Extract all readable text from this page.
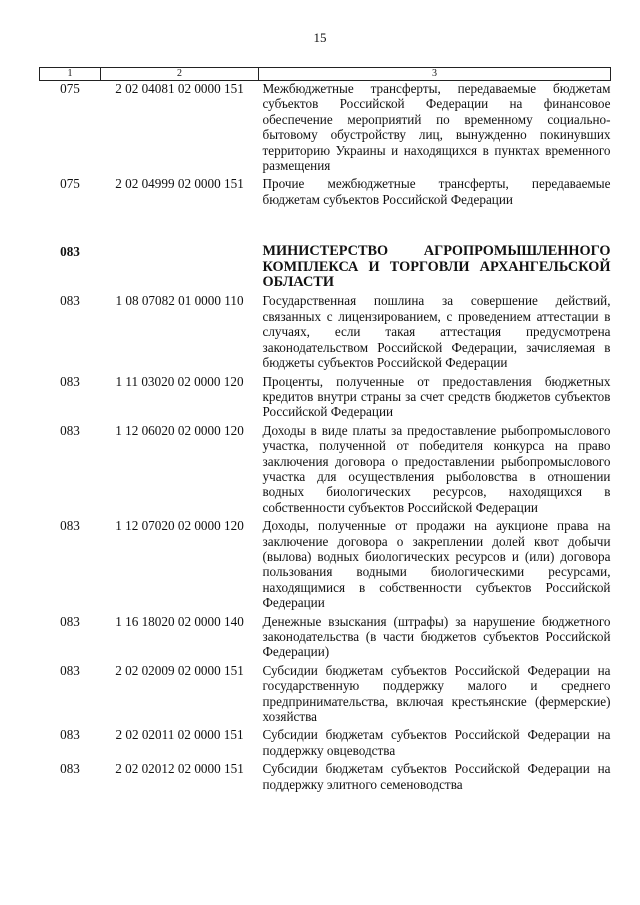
15
1	2	3
075	2 02 04081 02 0000 151	Межбюджетные трансферты, передаваемые бюджетам субъектов Российской Федерации на финансовое обеспечение мероприятий по временному социально-бытовому обустройству лиц, вынужденно покинувших территорию Украины и находящихся в пунктах временного размещения
075	2 02 04999 02 0000 151	Прочие межбюджетные трансферты, передаваемые бюджетам субъектов Российской Федерации

083		МИНИСТЕРСТВО АГРОПРОМЫШЛЕННОГО КОМПЛЕКСА И ТОРГОВЛИ АРХАНГЕЛЬСКОЙ ОБЛАСТИ
083	1 08 07082 01 0000 110	Государственная пошлина за совершение действий, связанных с лицензированием, с проведением аттестации в случаях, если такая аттестация предусмотрена законодательством Российской Федерации, зачисляемая в бюджеты субъектов Российской Федерации
083	1 11 03020 02 0000 120	Проценты, полученные от предоставления бюджетных кредитов внутри страны за счет средств бюджетов субъектов Российской Федерации
083	1 12 06020 02 0000 120	Доходы в виде платы за предоставление рыбопромыслового участка, полученной от победителя конкурса на право заключения договора о предоставлении рыбопромыслового участка для осуществления рыболовства в отношении водных биологических ресурсов, находящихся в собственности субъектов Российской Федерации
083	1 12 07020 02 0000 120	Доходы, полученные от продажи на аукционе права на заключение договора о закреплении долей квот добычи (вылова) водных биологических ресурсов и (или) договора пользования водными биологическими ресурсами, находящимися в собственности субъектов Российской Федерации
083	1 16 18020 02 0000 140	Денежные взыскания (штрафы) за нарушение бюджетного законодательства (в части бюджетов субъектов Российской Федерации)
083	2 02 02009 02 0000 151	Субсидии бюджетам субъектов Российской Федерации на государственную поддержку малого и среднего предпринимательства, включая крестьянские (фермерские) хозяйства
083	2 02 02011 02 0000 151	Субсидии бюджетам субъектов Российской Федерации на поддержку овцеводства
083	2 02 02012 02 0000 151	Субсидии бюджетам субъектов Российской Федерации на поддержку элитного семеноводства
